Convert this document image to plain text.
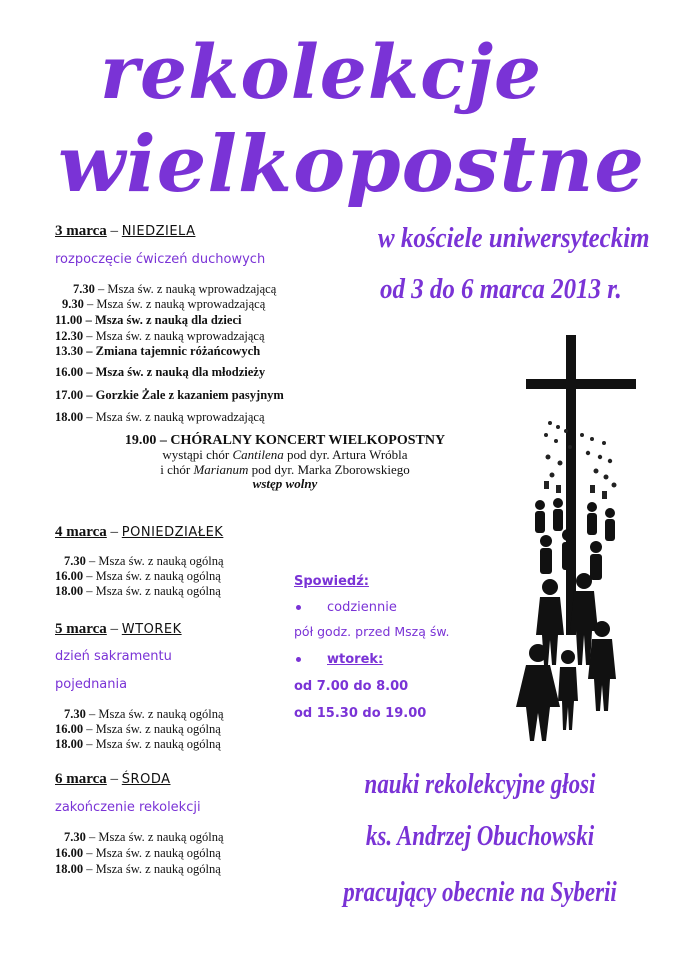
rekolekcje
wielkopostne
w kościele uniwersyteckim
od 3 do 6 marca 2013 r.
3 marca – NIEDZIELA
rozpoczęcie ćwiczeń duchowych
7.30 – Msza św. z nauką wprowadzającą
9.30 – Msza św. z nauką wprowadzającą
11.00 – Msza św. z nauką dla dzieci
12.30 – Msza św. z nauką wprowadzającą
13.30 – Zmiana tajemnic różańcowych
16.00 – Msza św. z nauką dla młodzieży
17.00 – Gorzkie Żale z kazaniem pasyjnym
18.00 – Msza św. z nauką wprowadzającą
19.00 – CHÓRALNY KONCERT WIELKOPOSTNY
wystąpi chór Cantilena pod dyr. Artura Wróbla
i chór Marianum pod dyr. Marka Zborowskiego
wstęp wolny
4 marca – PONIEDZIAŁEK
7.30 – Msza św. z nauką ogólną
16.00 – Msza św. z nauką ogólną
18.00 – Msza św. z nauką ogólną
5 marca – WTOREK
dzień sakramentu
pojednania
7.30 – Msza św. z nauką ogólną
16.00 – Msza św. z nauką ogólną
18.00 – Msza św. z nauką ogólną
6 marca – ŚRODA
zakończenie rekolekcji
7.30 – Msza św. z nauką ogólną
16.00 – Msza św. z nauką ogólną
18.00 – Msza św. z nauką ogólną
Spowiedź:
codziennie
pół godz. przed Mszą św.
wtorek:
od 7.00 do 8.00
od 15.30 do 19.00
nauki rekolekcyjne głosi
ks. Andrzej Obuchowski
pracujący obecnie na Syberii
